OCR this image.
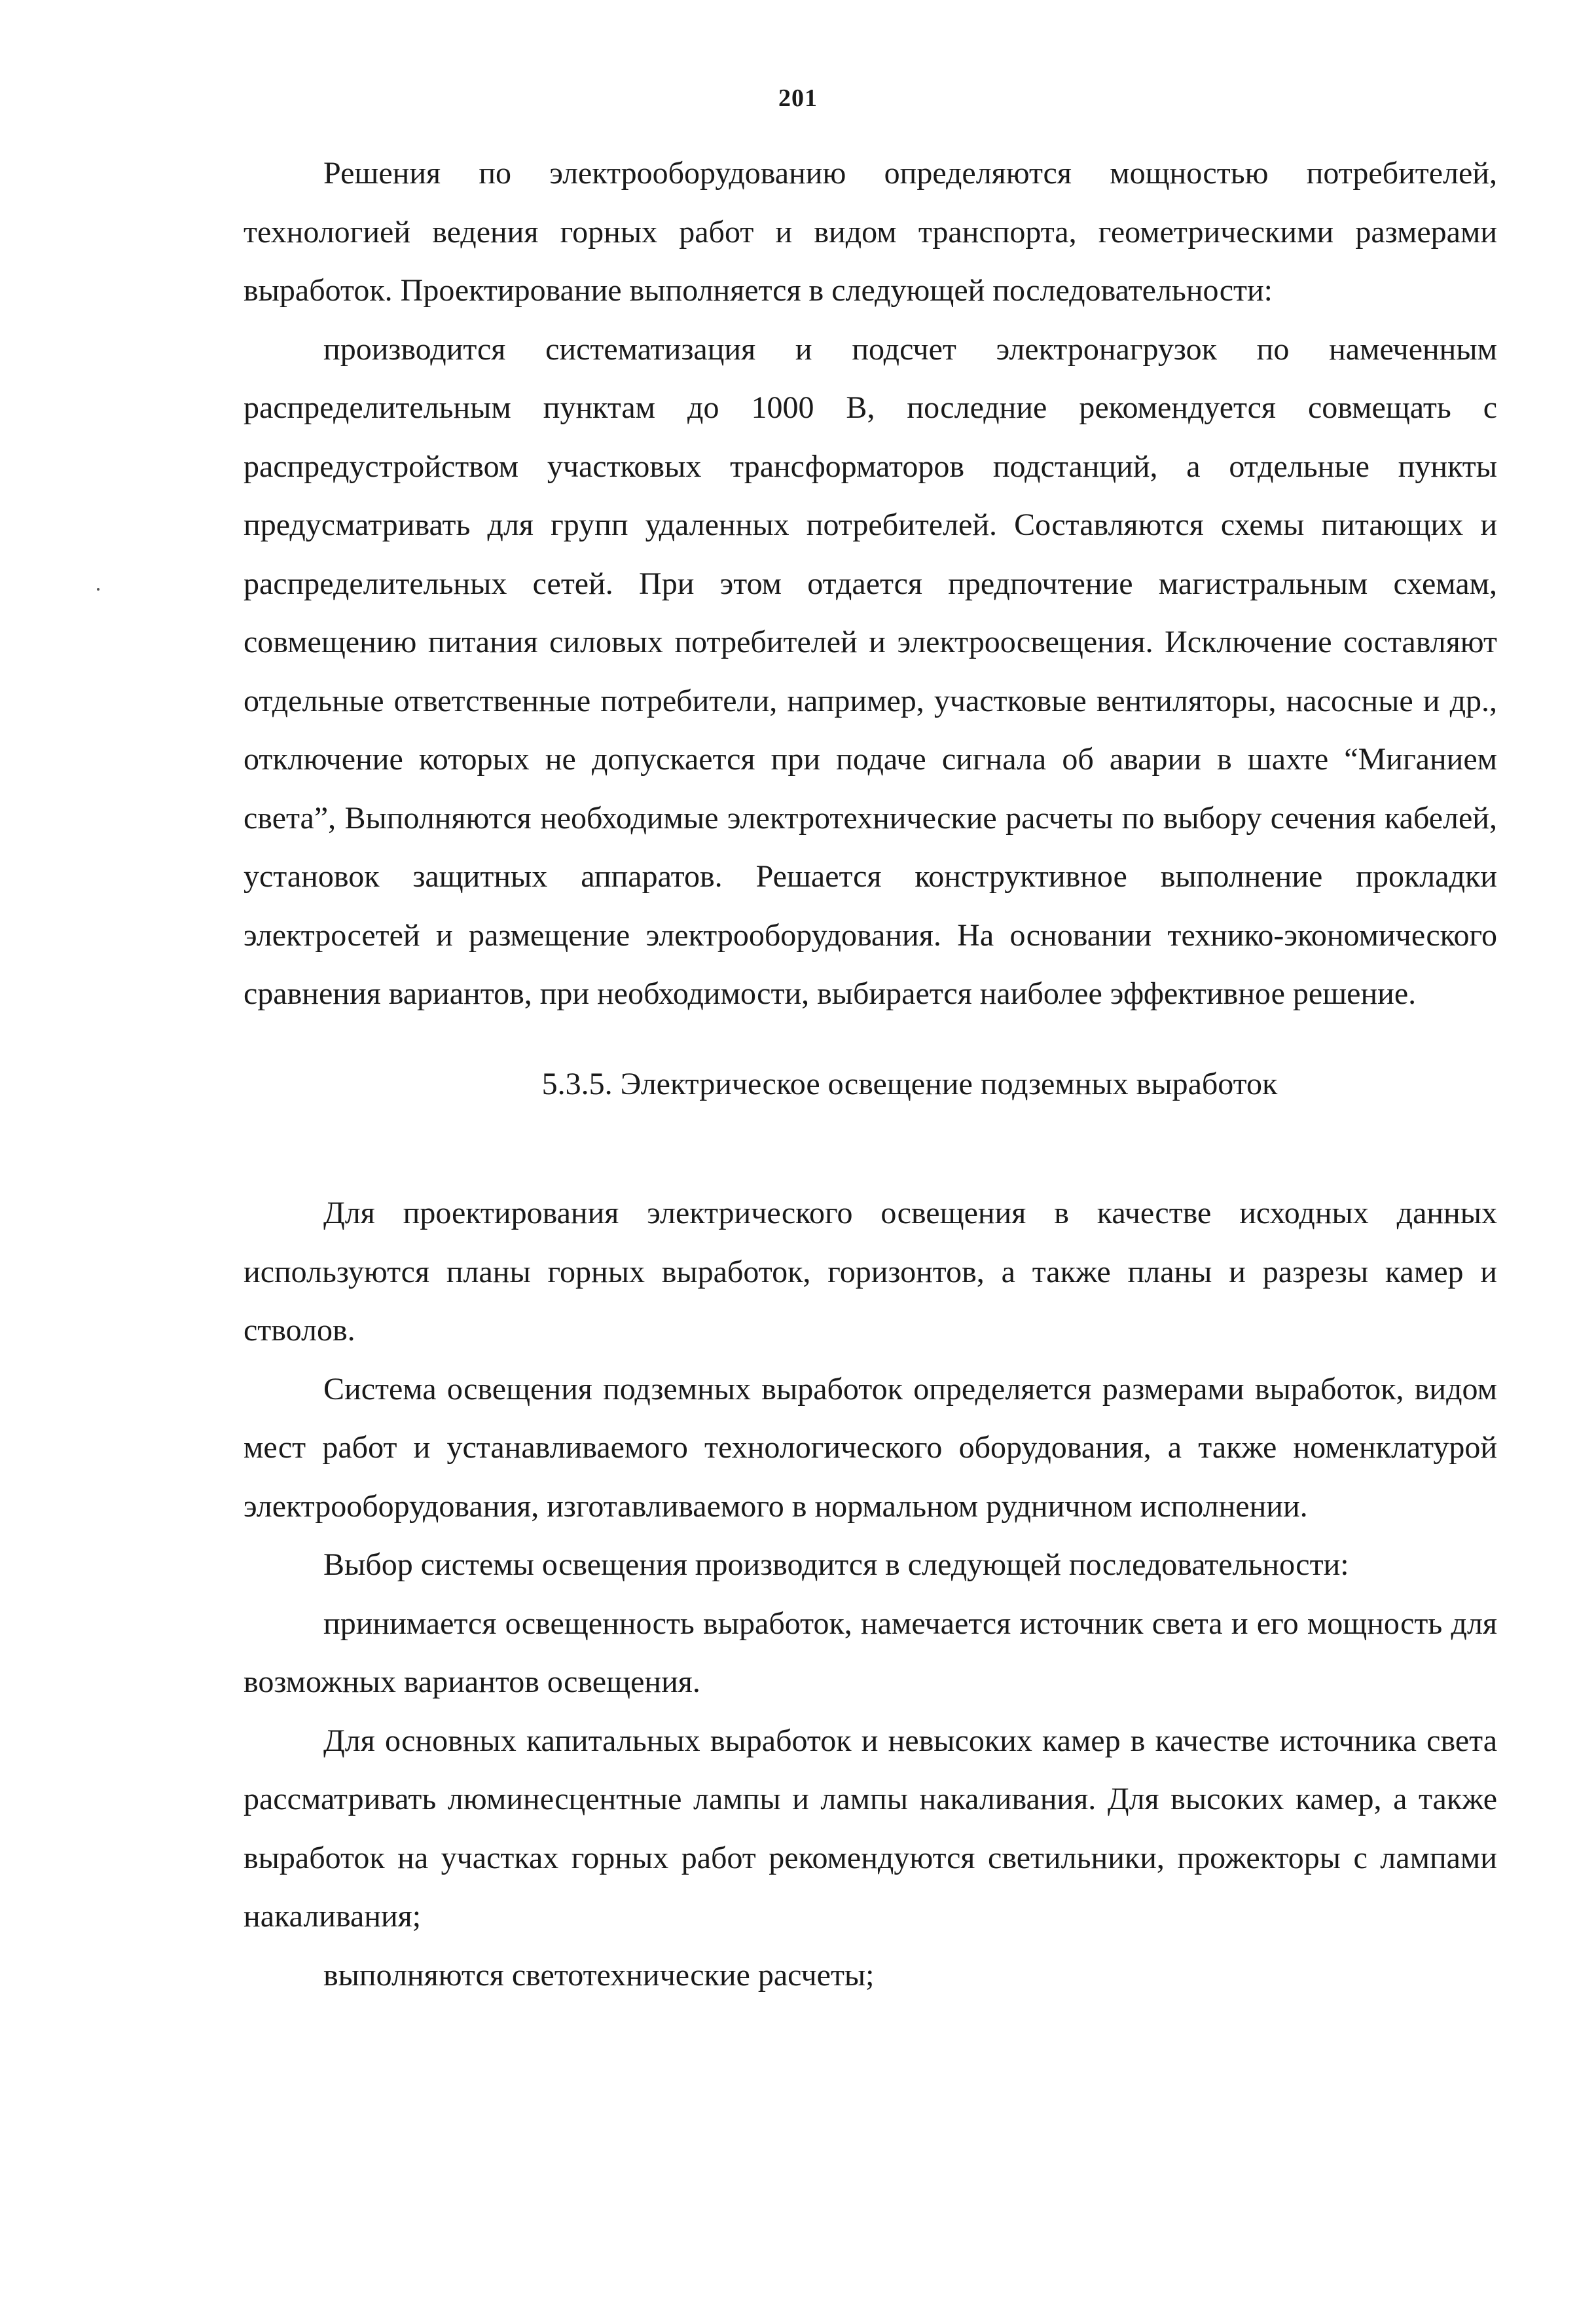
201

Решения по электрооборудованию определяются мощностью потребителей, технологией ведения горных работ и видом транспорта, геометрическими размерами выработок. Проектирование выполняется в следующей последовательности:

производится систематизация и подсчет электронагрузок по намеченным распределительным пунктам до 1000 В, последние рекомендуется совмещать с распредустройством участковых трансформаторов подстанций, а отдельные пункты предусматривать для групп удаленных потребителей. Составляются схемы питающих и распределительных сетей. При этом отдается предпочтение магистральным схемам, совмещению питания силовых потребителей и электроосвещения. Исключение составляют отдельные ответственные потребители, например, участковые вентиляторы, насосные и др., отключение которых не допускается при подаче сигнала об аварии в шахте “Миганием света”, Выполняются необходимые электротехнические расчеты по выбору сечения кабелей, установок защитных аппаратов. Решается конструктивное выполнение прокладки электросетей и размещение электрооборудования. На основании технико-экономического сравнения вариантов, при необходимости, выбирается наиболее эффективное решение.

5.3.5. Электрическое освещение подземных выработок

Для проектирования электрического освещения в качестве исходных данных используются планы горных выработок, горизонтов, а также планы и разрезы камер и стволов.

Система освещения подземных выработок определяется размерами выработок, видом мест работ и устанавливаемого технологического оборудования, а также номенклатурой электрооборудования, изготавливаемого в нормальном рудничном исполнении.

Выбор системы освещения производится в следующей последовательности:

принимается освещенность выработок, намечается источник света и его мощность для возможных вариантов освещения.

Для основных капитальных выработок и невысоких камер в качестве источника света рассматривать люминесцентные лампы и лампы накаливания. Для высоких камер, а также выработок на участках горных работ рекомендуются светильники, прожекторы с лампами накаливания;

выполняются светотехнические расчеты;
